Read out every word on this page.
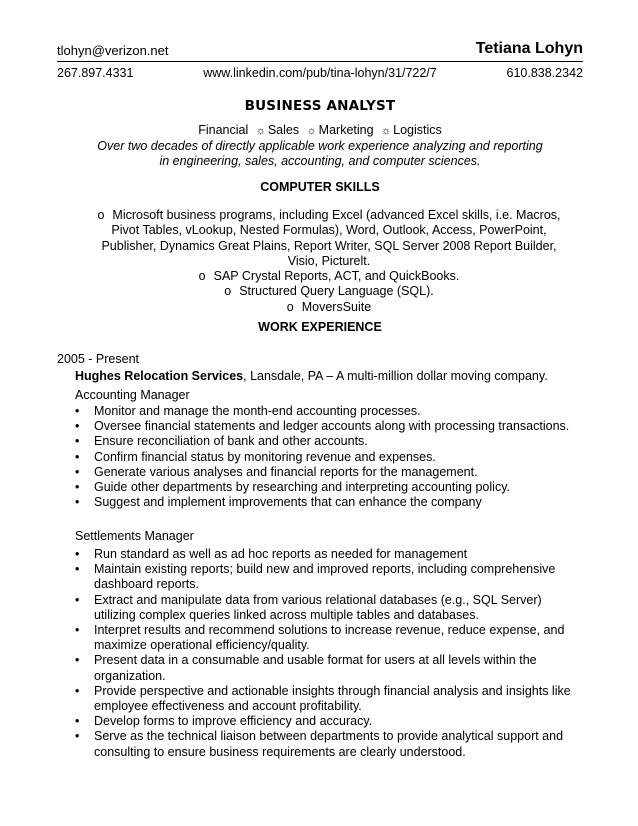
tlohyn@verizon.net	Tetiana Lohyn
267.897.4331	www.linkedin.com/pub/tina-lohyn/31/722/7	610.838.2342
BUSINESS ANALYST
Financial ☼ Sales ☼ Marketing ☼ Logistics
Over two decades of directly applicable work experience analyzing and reporting
in engineering, sales, accounting, and computer sciences.
COMPUTER SKILLS
o Microsoft business programs, including Excel (advanced Excel skills, i.e. Macros, Pivot Tables, vLookup, Nested Formulas), Word, Outlook, Access, PowerPoint, Publisher, Dynamics Great Plains, Report Writer, SQL Server 2008 Report Builder, Visio, Picturelt.
o SAP Crystal Reports, ACT, and QuickBooks.
o Structured Query Language (SQL).
o MoversSuite
WORK EXPERIENCE
2005 - Present
Hughes Relocation Services, Lansdale, PA – A multi-million dollar moving company.
Accounting Manager
• Monitor and manage the month-end accounting processes.
• Oversee financial statements and ledger accounts along with processing transactions.
• Ensure reconciliation of bank and other accounts.
• Confirm financial status by monitoring revenue and expenses.
• Generate various analyses and financial reports for the management.
• Guide other departments by researching and interpreting accounting policy.
• Suggest and implement improvements that can enhance the company
Settlements Manager
• Run standard as well as ad hoc reports as needed for management
• Maintain existing reports; build new and improved reports, including comprehensive dashboard reports.
• Extract and manipulate data from various relational databases (e.g., SQL Server) utilizing complex queries linked across multiple tables and databases.
• Interpret results and recommend solutions to increase revenue, reduce expense, and maximize operational efficiency/quality.
• Present data in a consumable and usable format for users at all levels within the organization.
• Provide perspective and actionable insights through financial analysis and insights like employee effectiveness and account profitability.
• Develop forms to improve efficiency and accuracy.
• Serve as the technical liaison between departments to provide analytical support and consulting to ensure business requirements are clearly understood.
